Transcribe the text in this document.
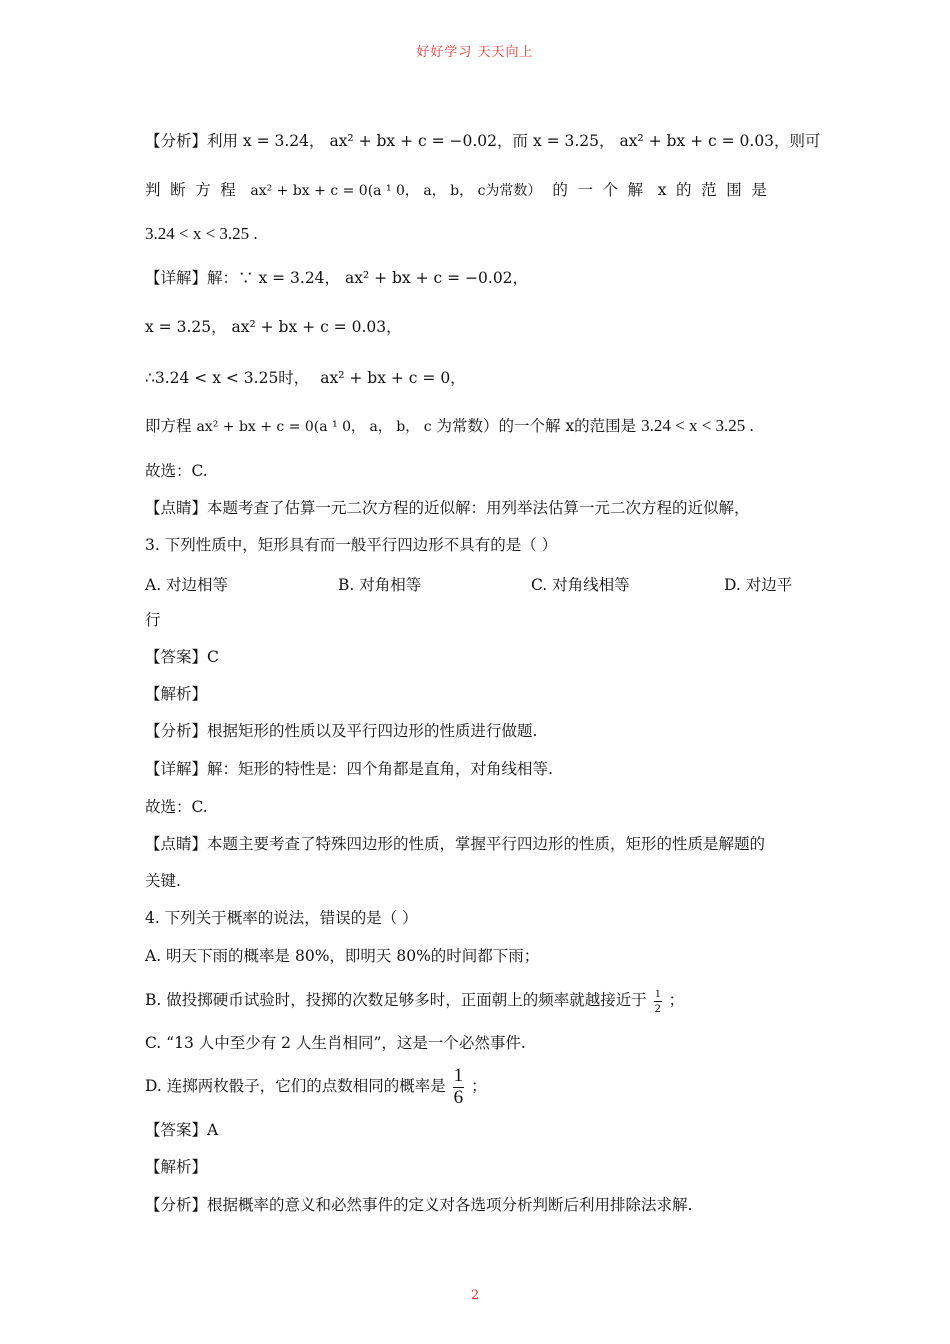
好好学习 天天向上
【分析】利用 x = 3.24， ax² + bx + c = −0.02，而 x = 3.25， ax² + bx + c = 0.03，则可
判断方程 ax² + bx + c = 0(a ¹ 0， a， b， c为常数） 的一个解 x的范围是
3.24 < x < 3.25 .
【详解】解：∵ x = 3.24， ax² + bx + c = −0.02，
x = 3.25， ax² + bx + c = 0.03，
∴3.24 < x < 3.25时， ax² + bx + c = 0，
即方程 ax² + bx + c = 0(a ¹ 0， a， b， c 为常数）的一个解 x的范围是 3.24 < x < 3.25 .
故选：C.
【点睛】本题考查了估算一元二次方程的近似解：用列举法估算一元二次方程的近似解，
3. 下列性质中，矩形具有而一般平行四边形不具有的是（ ）
A. 对边相等	B. 对角相等	C. 对角线相等	D. 对边平
行
【答案】C
【解析】
【分析】根据矩形的性质以及平行四边形的性质进行做题.
【详解】解：矩形的特性是：四个角都是直角，对角线相等.
故选：C.
【点睛】本题主要考查了特殊四边形的性质，掌握平行四边形的性质，矩形的性质是解题的
关键.
4. 下列关于概率的说法，错误的是（ ）
A. 明天下雨的概率是 80%，即明天 80%的时间都下雨；
B. 做投掷硬币试验时，投掷的次数足够多时，正面朝上的频率就越接近于 $\frac{1}{2}$ ；
C. “13 人中至少有 2 人生肖相同”，这是一个必然事件.
D. 连掷两枚骰子，它们的点数相同的概率是 $\frac{1}{6}$ ；
【答案】A
【解析】
【分析】根据概率的意义和必然事件的定义对各选项分析判断后利用排除法求解.
2
